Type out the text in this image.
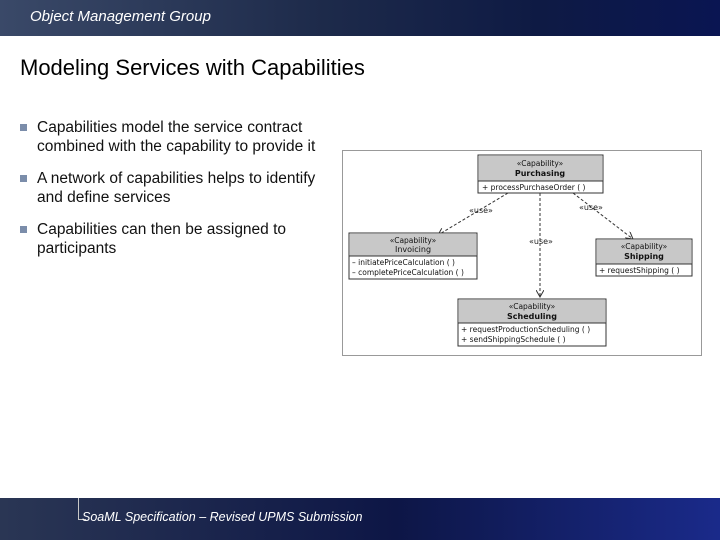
Object Management Group
Modeling Services with Capabilities
Capabilities model the service contract combined with the capability to provide it
A network of capabilities helps to identify and define services
Capabilities can then be assigned to participants
«use»	«use»
«use»
«Capability»
Purchasing
+ processPurchaseOrder ( )
«Capability»
Invoicing
– initiatePriceCalculation ( )
– completePriceCalculation ( )
«Capability»
Shipping
+ requestShipping ( )
«Capability»
Scheduling
+ requestProductionScheduling ( )
+ sendShippingSchedule ( )
SoaML Specification – Revised UPMS Submission
